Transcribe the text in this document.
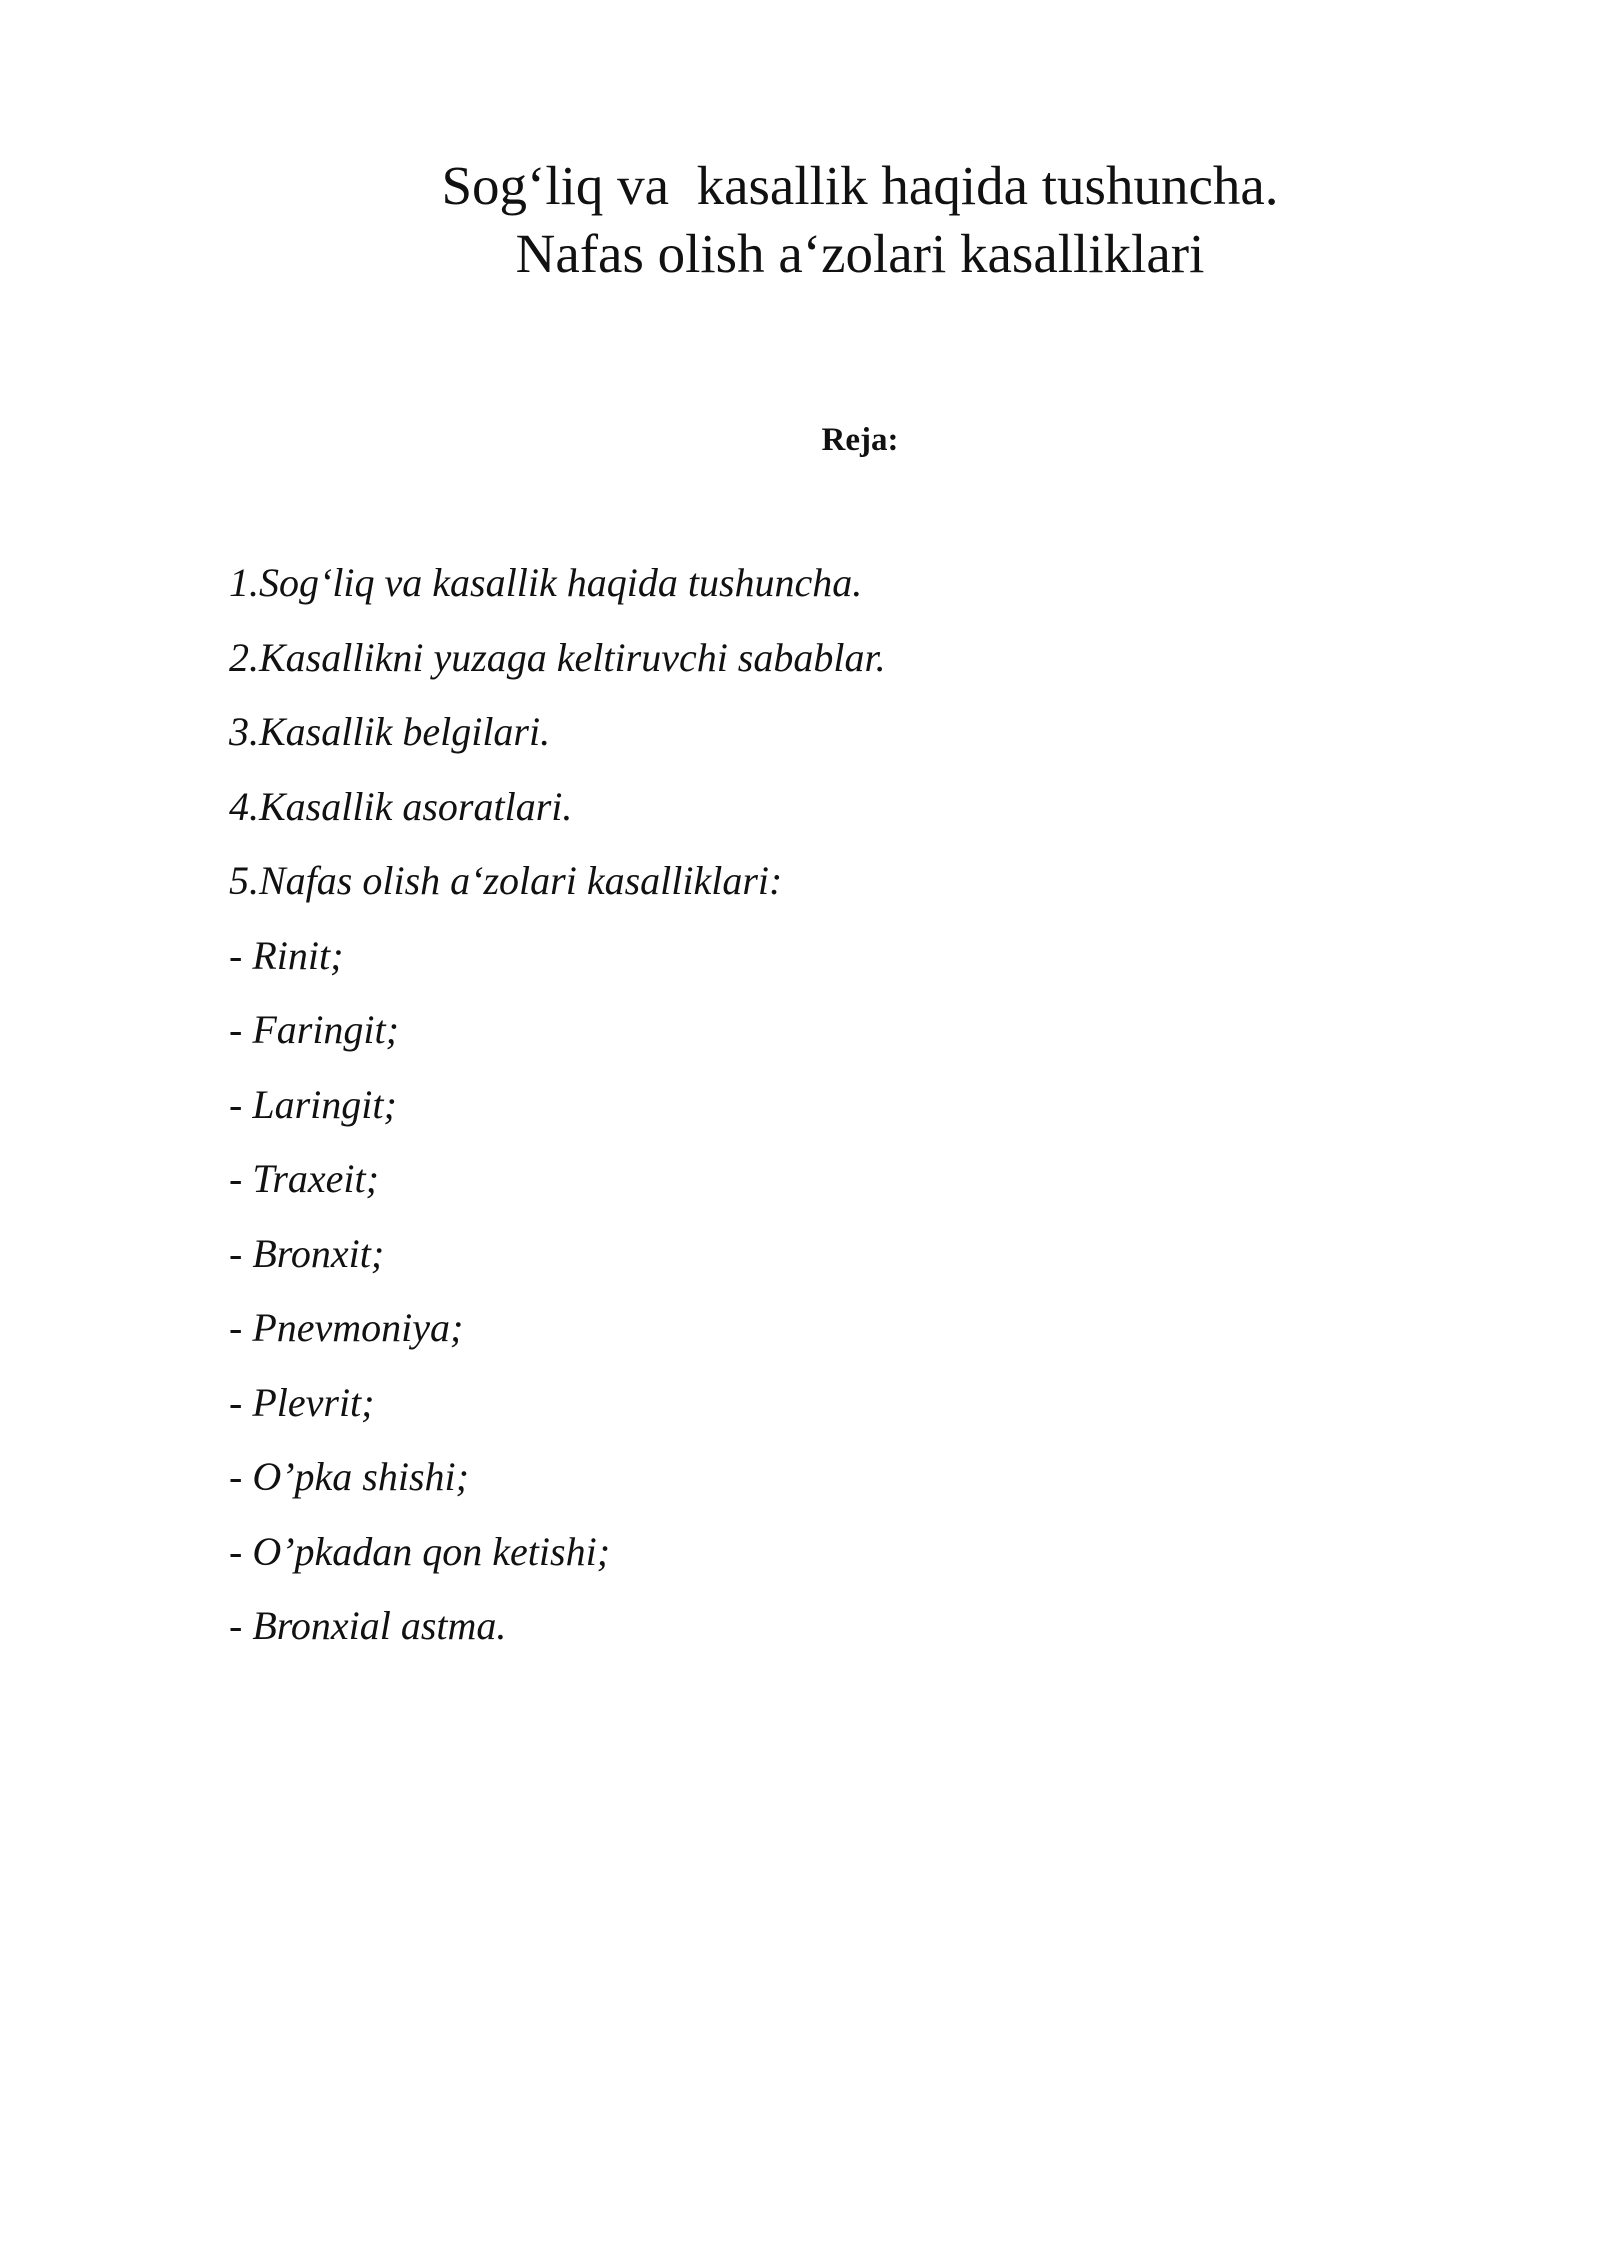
Sog‘liq va  kasallik haqida tushuncha.
Nafas olish a‘zolari kasalliklari
Reja:
1.Sog‘liq va kasallik haqida tushuncha.
2.Kasallikni yuzaga keltiruvchi sabablar.
3.Kasallik belgilari.
4.Kasallik asoratlari.
5.Nafas olish a‘zolari kasalliklari:
- Rinit;
- Faringit;
- Laringit;
- Traxeit;
- Bronxit;
- Pnevmoniya;
- Plevrit;
- O’pka shishi;
- O’pkadan qon ketishi;
- Bronxial astma.
